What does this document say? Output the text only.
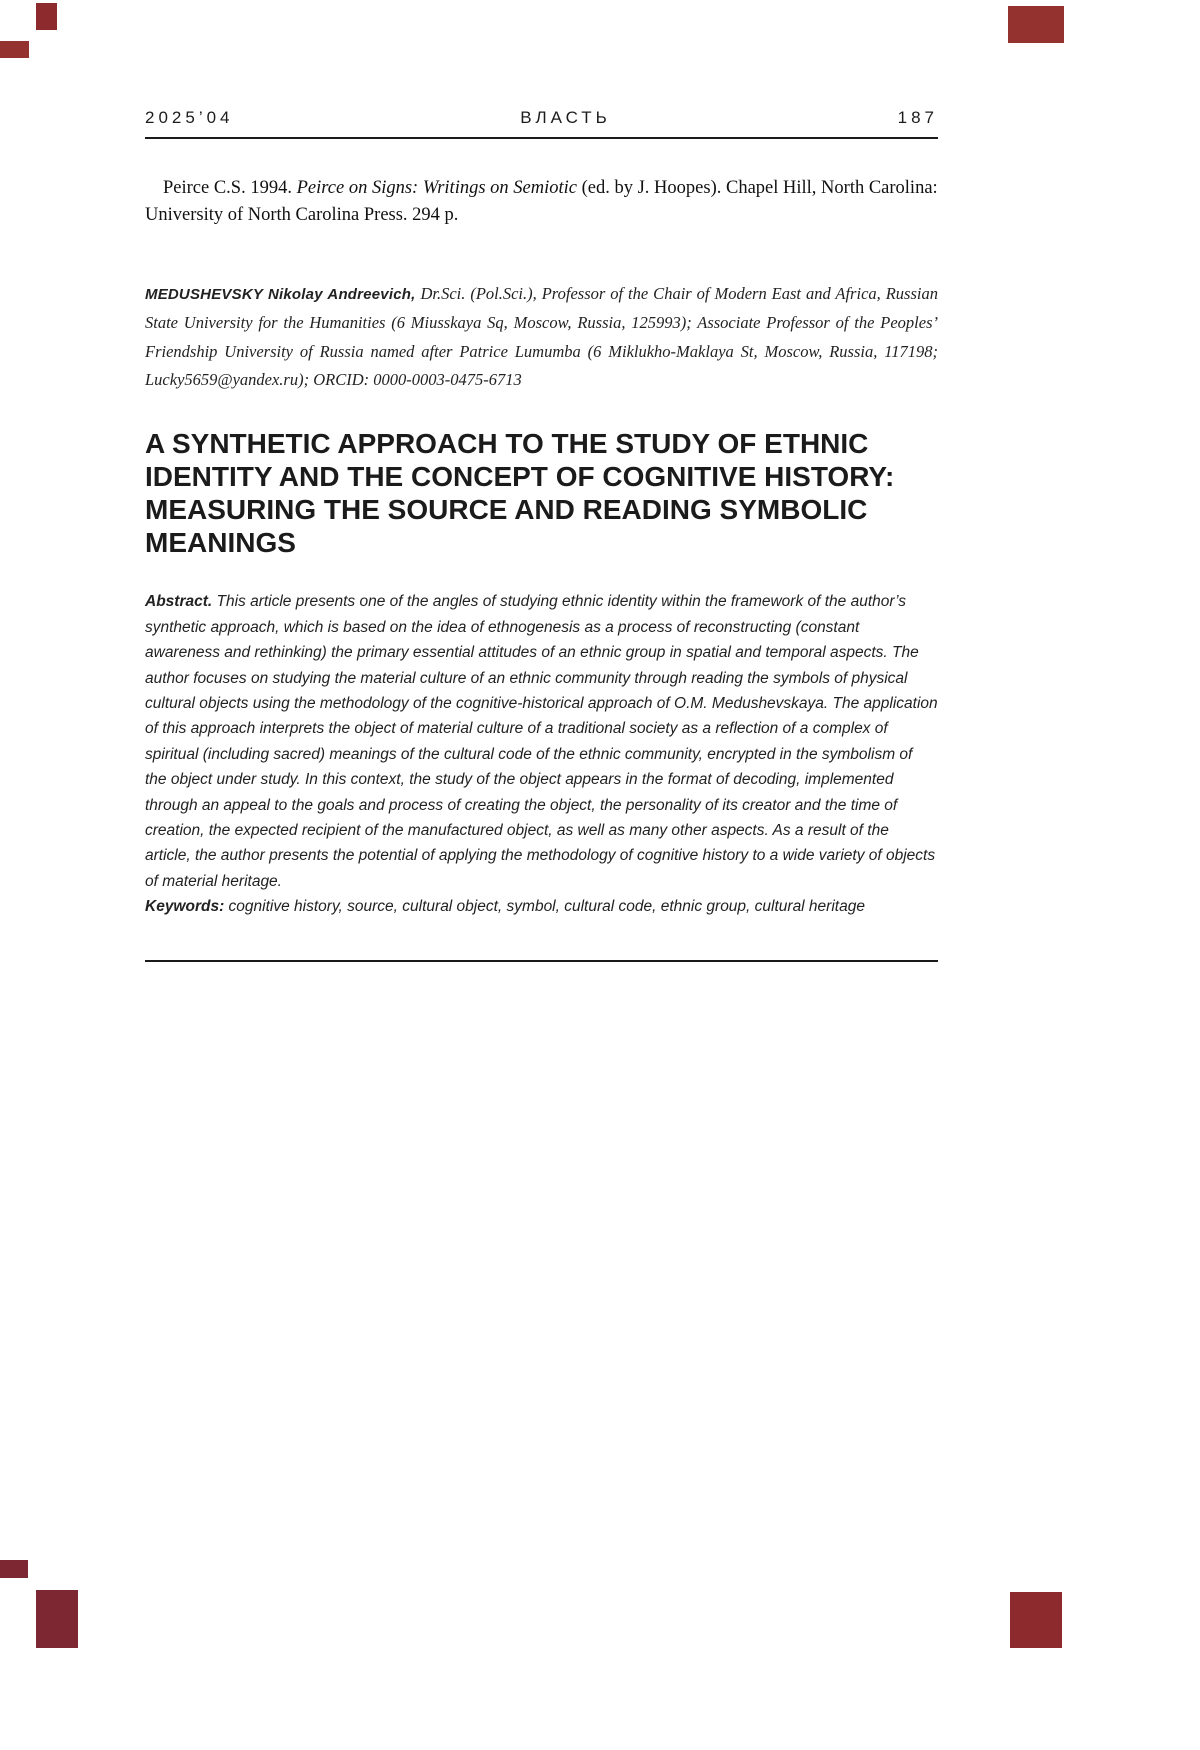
2025’04	ВЛАСТЬ	187

Peirce C.S. 1994. Peirce on Signs: Writings on Semiotic (ed. by J. Hoopes). Chapel Hill, North Carolina: University of North Carolina Press. 294 p.

MEDUSHEVSKY Nikolay Andreevich, Dr.Sci. (Pol.Sci.), Professor of the Chair of Modern East and Africa, Russian State University for the Humanities (6 Miusskaya Sq, Moscow, Russia, 125993); Associate Professor of the Peoples’ Friendship University of Russia named after Patrice Lumumba (6 Miklukho-Maklaya St, Moscow, Russia, 117198; Lucky5659@yandex.ru); ORCID: 0000-0003-0475-6713

A SYNTHETIC APPROACH TO THE STUDY OF ETHNIC IDENTITY AND THE CONCEPT OF COGNITIVE HISTORY: MEASURING THE SOURCE AND READING SYMBOLIC MEANINGS

Abstract. This article presents one of the angles of studying ethnic identity within the framework of the author’s synthetic approach, which is based on the idea of ethnogenesis as a process of reconstructing (constant awareness and rethinking) the primary essential attitudes of an ethnic group in spatial and temporal aspects. The author focuses on studying the material culture of an ethnic community through reading the symbols of physical cultural objects using the methodology of the cognitive-historical approach of O.M. Medushevskaya. The application of this approach interprets the object of material culture of a traditional society as a reflection of a complex of spiritual (including sacred) meanings of the cultural code of the ethnic community, encrypted in the symbolism of the object under study. In this context, the study of the object appears in the format of decoding, implemented through an appeal to the goals and process of creating the object, the personality of its creator and the time of creation, the expected recipient of the manufactured object, as well as many other aspects. As a result of the article, the author presents the potential of applying the methodology of cognitive history to a wide variety of objects of material heritage.

Keywords: cognitive history, source, cultural object, symbol, cultural code, ethnic group, cultural heritage
